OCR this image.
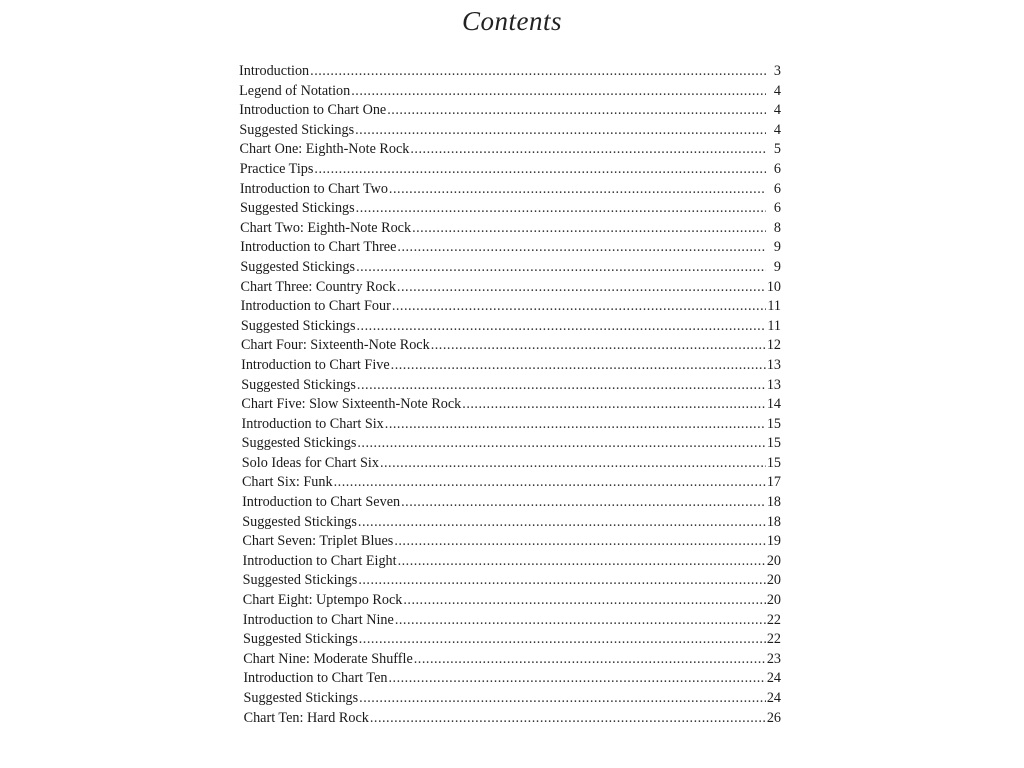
Contents
Introduction .....	3
Legend of Notation .....	4
Introduction to Chart One .....	4
Suggested Stickings .....	4
Chart One: Eighth-Note Rock .....	5
Practice Tips .....	6
Introduction to Chart Two .....	6
Suggested Stickings .....	6
Chart Two: Eighth-Note Rock .....	8
Introduction to Chart Three .....	9
Suggested Stickings .....	9
Chart Three: Country Rock .....	10
Introduction to Chart Four .....	11
Suggested Stickings .....	11
Chart Four: Sixteenth-Note Rock .....	12
Introduction to Chart Five .....	13
Suggested Stickings .....	13
Chart Five: Slow Sixteenth-Note Rock .....	14
Introduction to Chart Six .....	15
Suggested Stickings .....	15
Solo Ideas for Chart Six .....	15
Chart Six: Funk .....	17
Introduction to Chart Seven .....	18
Suggested Stickings .....	18
Chart Seven: Triplet Blues .....	19
Introduction to Chart Eight .....	20
Suggested Stickings .....	20
Chart Eight: Uptempo Rock .....	20
Introduction to Chart Nine .....	22
Suggested Stickings .....	22
Chart Nine: Moderate Shuffle .....	23
Introduction to Chart Ten .....	24
Suggested Stickings .....	24
Chart Ten: Hard Rock .....	26
